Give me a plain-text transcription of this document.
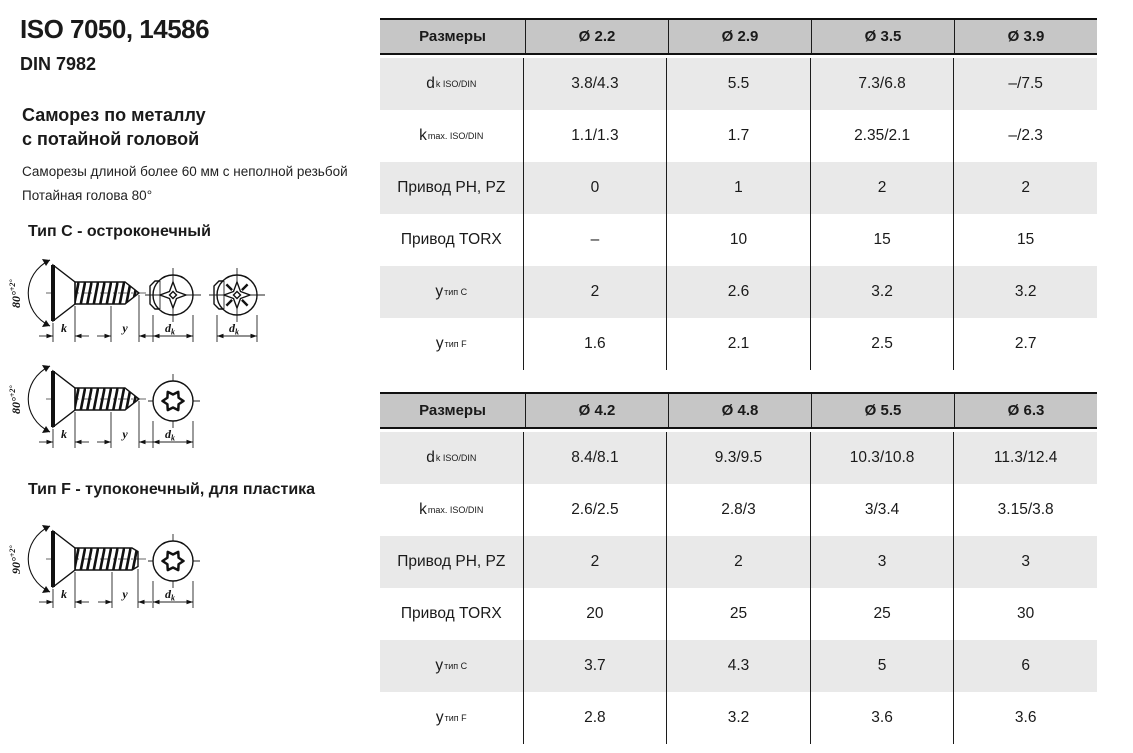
ISO 7050, 14586
DIN 7982
Саморез по металлу
с потайной головой
Саморезы длиной более 60 мм с неполной резьбой
Потайная голова 80°
Тип C - остроконечный
Тип F - тупоконечный, для пластика
80°$^{+2^\circ}$
k	y	$d_k$	$d_k$
80°$^{+2^\circ}$
k	y	$d_k$
90°$^{+2^\circ}$
k	y	$d_k$
Размеры	Ø 2.2	Ø 2.9	Ø 3.5	Ø 3.9
d k ISO/DIN	3.8/4.3	5.5	7.3/6.8	–/7.5
k max. ISO/DIN	1.1/1.3	1.7	2.35/2.1	–/2.3
Привод PH, PZ	0	1	2	2
Привод TORX	–	10	15	15
y тип C	2	2.6	3.2	3.2
y тип F	1.6	2.1	2.5	2.7
Размеры	Ø 4.2	Ø 4.8	Ø 5.5	Ø 6.3
d k ISO/DIN	8.4/8.1	9.3/9.5	10.3/10.8	11.3/12.4
k max. ISO/DIN	2.6/2.5	2.8/3	3/3.4	3.15/3.8
Привод PH, PZ	2	2	3	3
Привод TORX	20	25	25	30
y тип C	3.7	4.3	5	6
y тип F	2.8	3.2	3.6	3.6
